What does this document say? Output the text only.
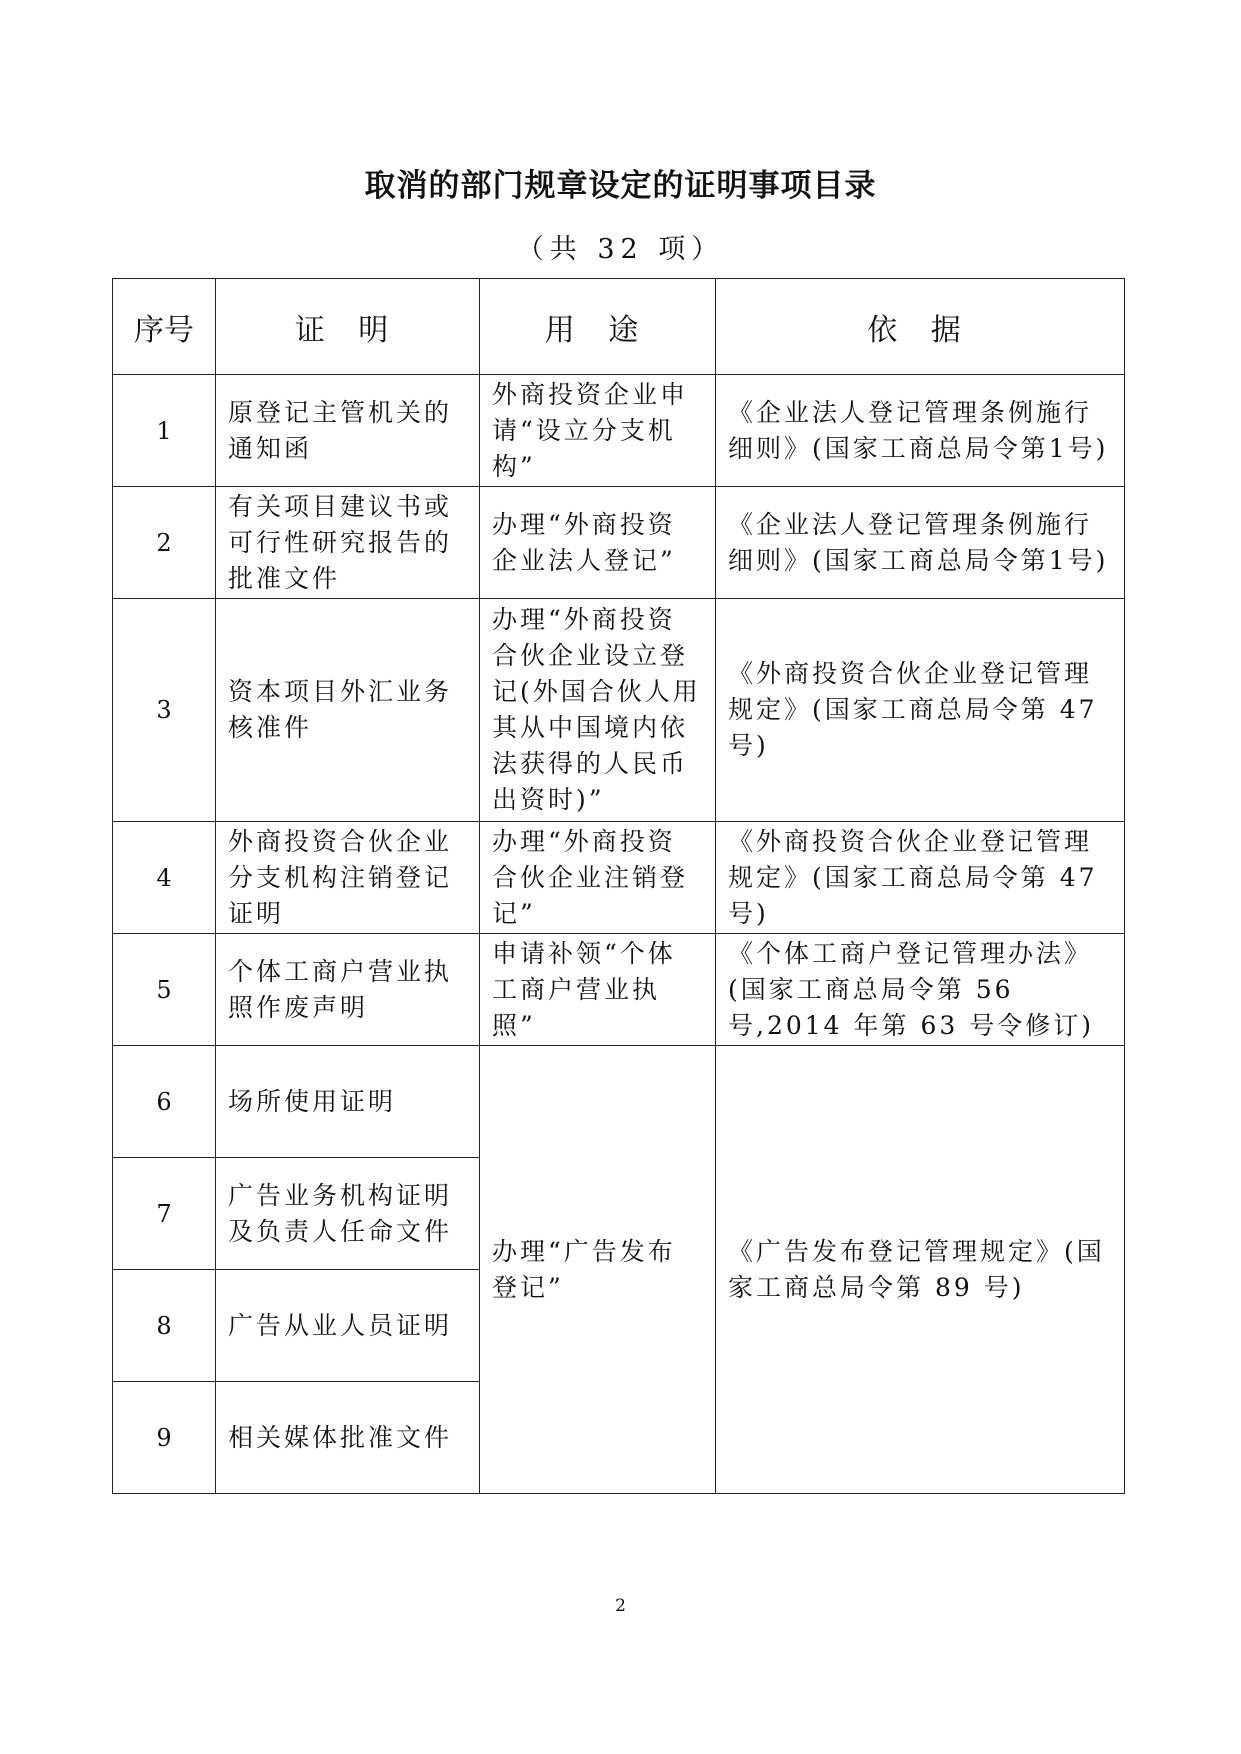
取消的部门规章设定的证明事项目录
（共 32 项）
序号	证 明	用 途	依 据
1	原登记主管机关的通知函	外商投资企业申请“设立分支机构”	《企业法人登记管理条例施行细则》(国家工商总局令第1号)
2	有关项目建议书或可行性研究报告的批准文件	办理“外商投资企业法人登记”	《企业法人登记管理条例施行细则》(国家工商总局令第1号)
3	资本项目外汇业务核准件	办理“外商投资合伙企业设立登记(外国合伙人用其从中国境内依法获得的人民币出资时)”	《外商投资合伙企业登记管理规定》(国家工商总局令第 47 号)
4	外商投资合伙企业分支机构注销登记证明	办理“外商投资合伙企业注销登记”	《外商投资合伙企业登记管理规定》(国家工商总局令第 47 号)
5	个体工商户营业执照作废声明	申请补领“个体工商户营业执照”	《个体工商户登记管理办法》(国家工商总局令第 56 号,2014 年第 63 号令修订)
6	场所使用证明	办理“广告发布登记”	《广告发布登记管理规定》(国家工商总局令第 89 号)
7	广告业务机构证明及负责人任命文件		
8	广告从业人员证明		
9	相关媒体批准文件		
2
